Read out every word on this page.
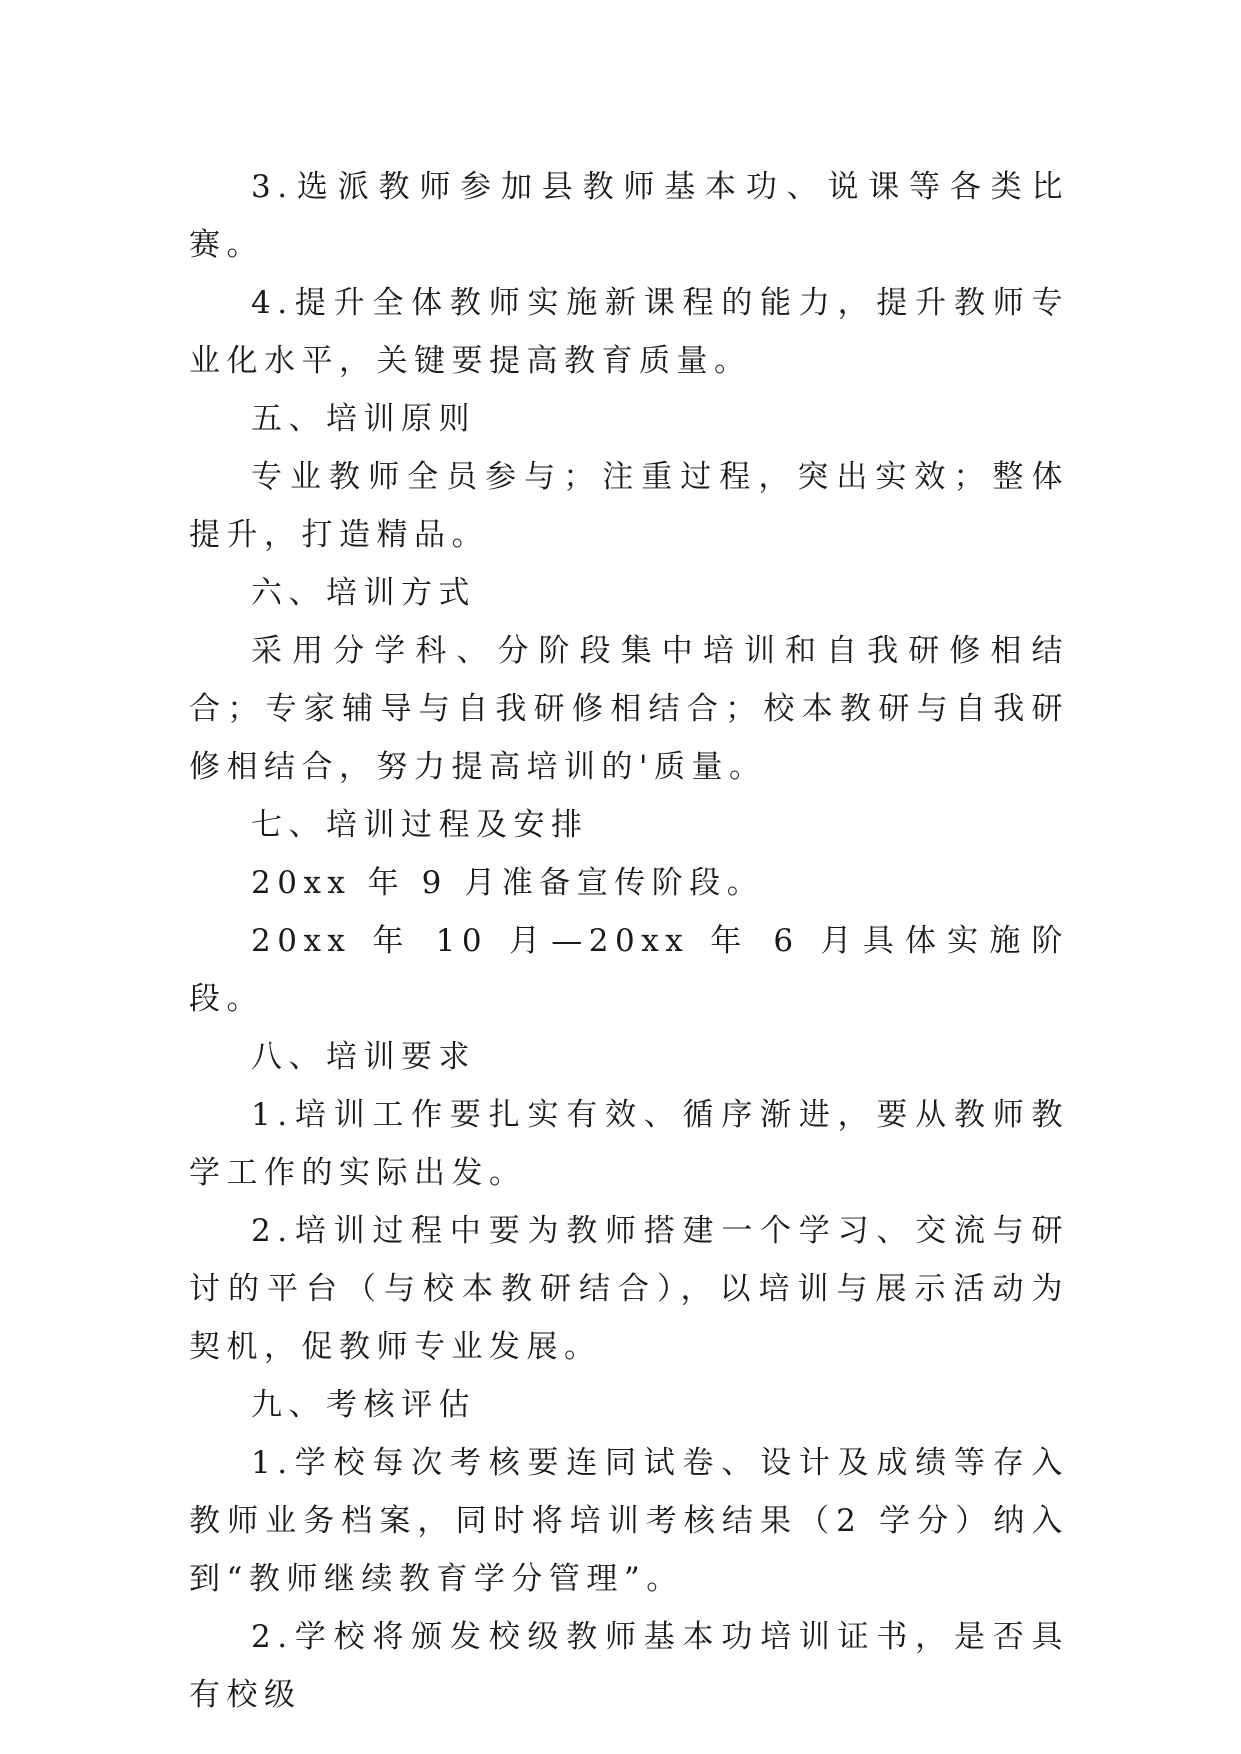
3.选派教师参加县教师基本功、说课等各类比赛。

4.提升全体教师实施新课程的能力，提升教师专业化水平，关键要提高教育质量。

五、培训原则

专业教师全员参与；注重过程，突出实效；整体提升，打造精品。

六、培训方式

采用分学科、分阶段集中培训和自我研修相结合；专家辅导与自我研修相结合；校本教研与自我研修相结合，努力提高培训的'质量。

七、培训过程及安排

20xx 年 9 月准备宣传阶段。

20xx 年 10 月—20xx 年 6 月具体实施阶段。

八、培训要求

1.培训工作要扎实有效、循序渐进，要从教师教学工作的实际出发。

2.培训过程中要为教师搭建一个学习、交流与研讨的平台（与校本教研结合），以培训与展示活动为契机，促教师专业发展。

九、考核评估

1.学校每次考核要连同试卷、设计及成绩等存入教师业务档案，同时将培训考核结果（2 学分）纳入到“教师继续教育学分管理”。

2.学校将颁发校级教师基本功培训证书，是否具有校级
